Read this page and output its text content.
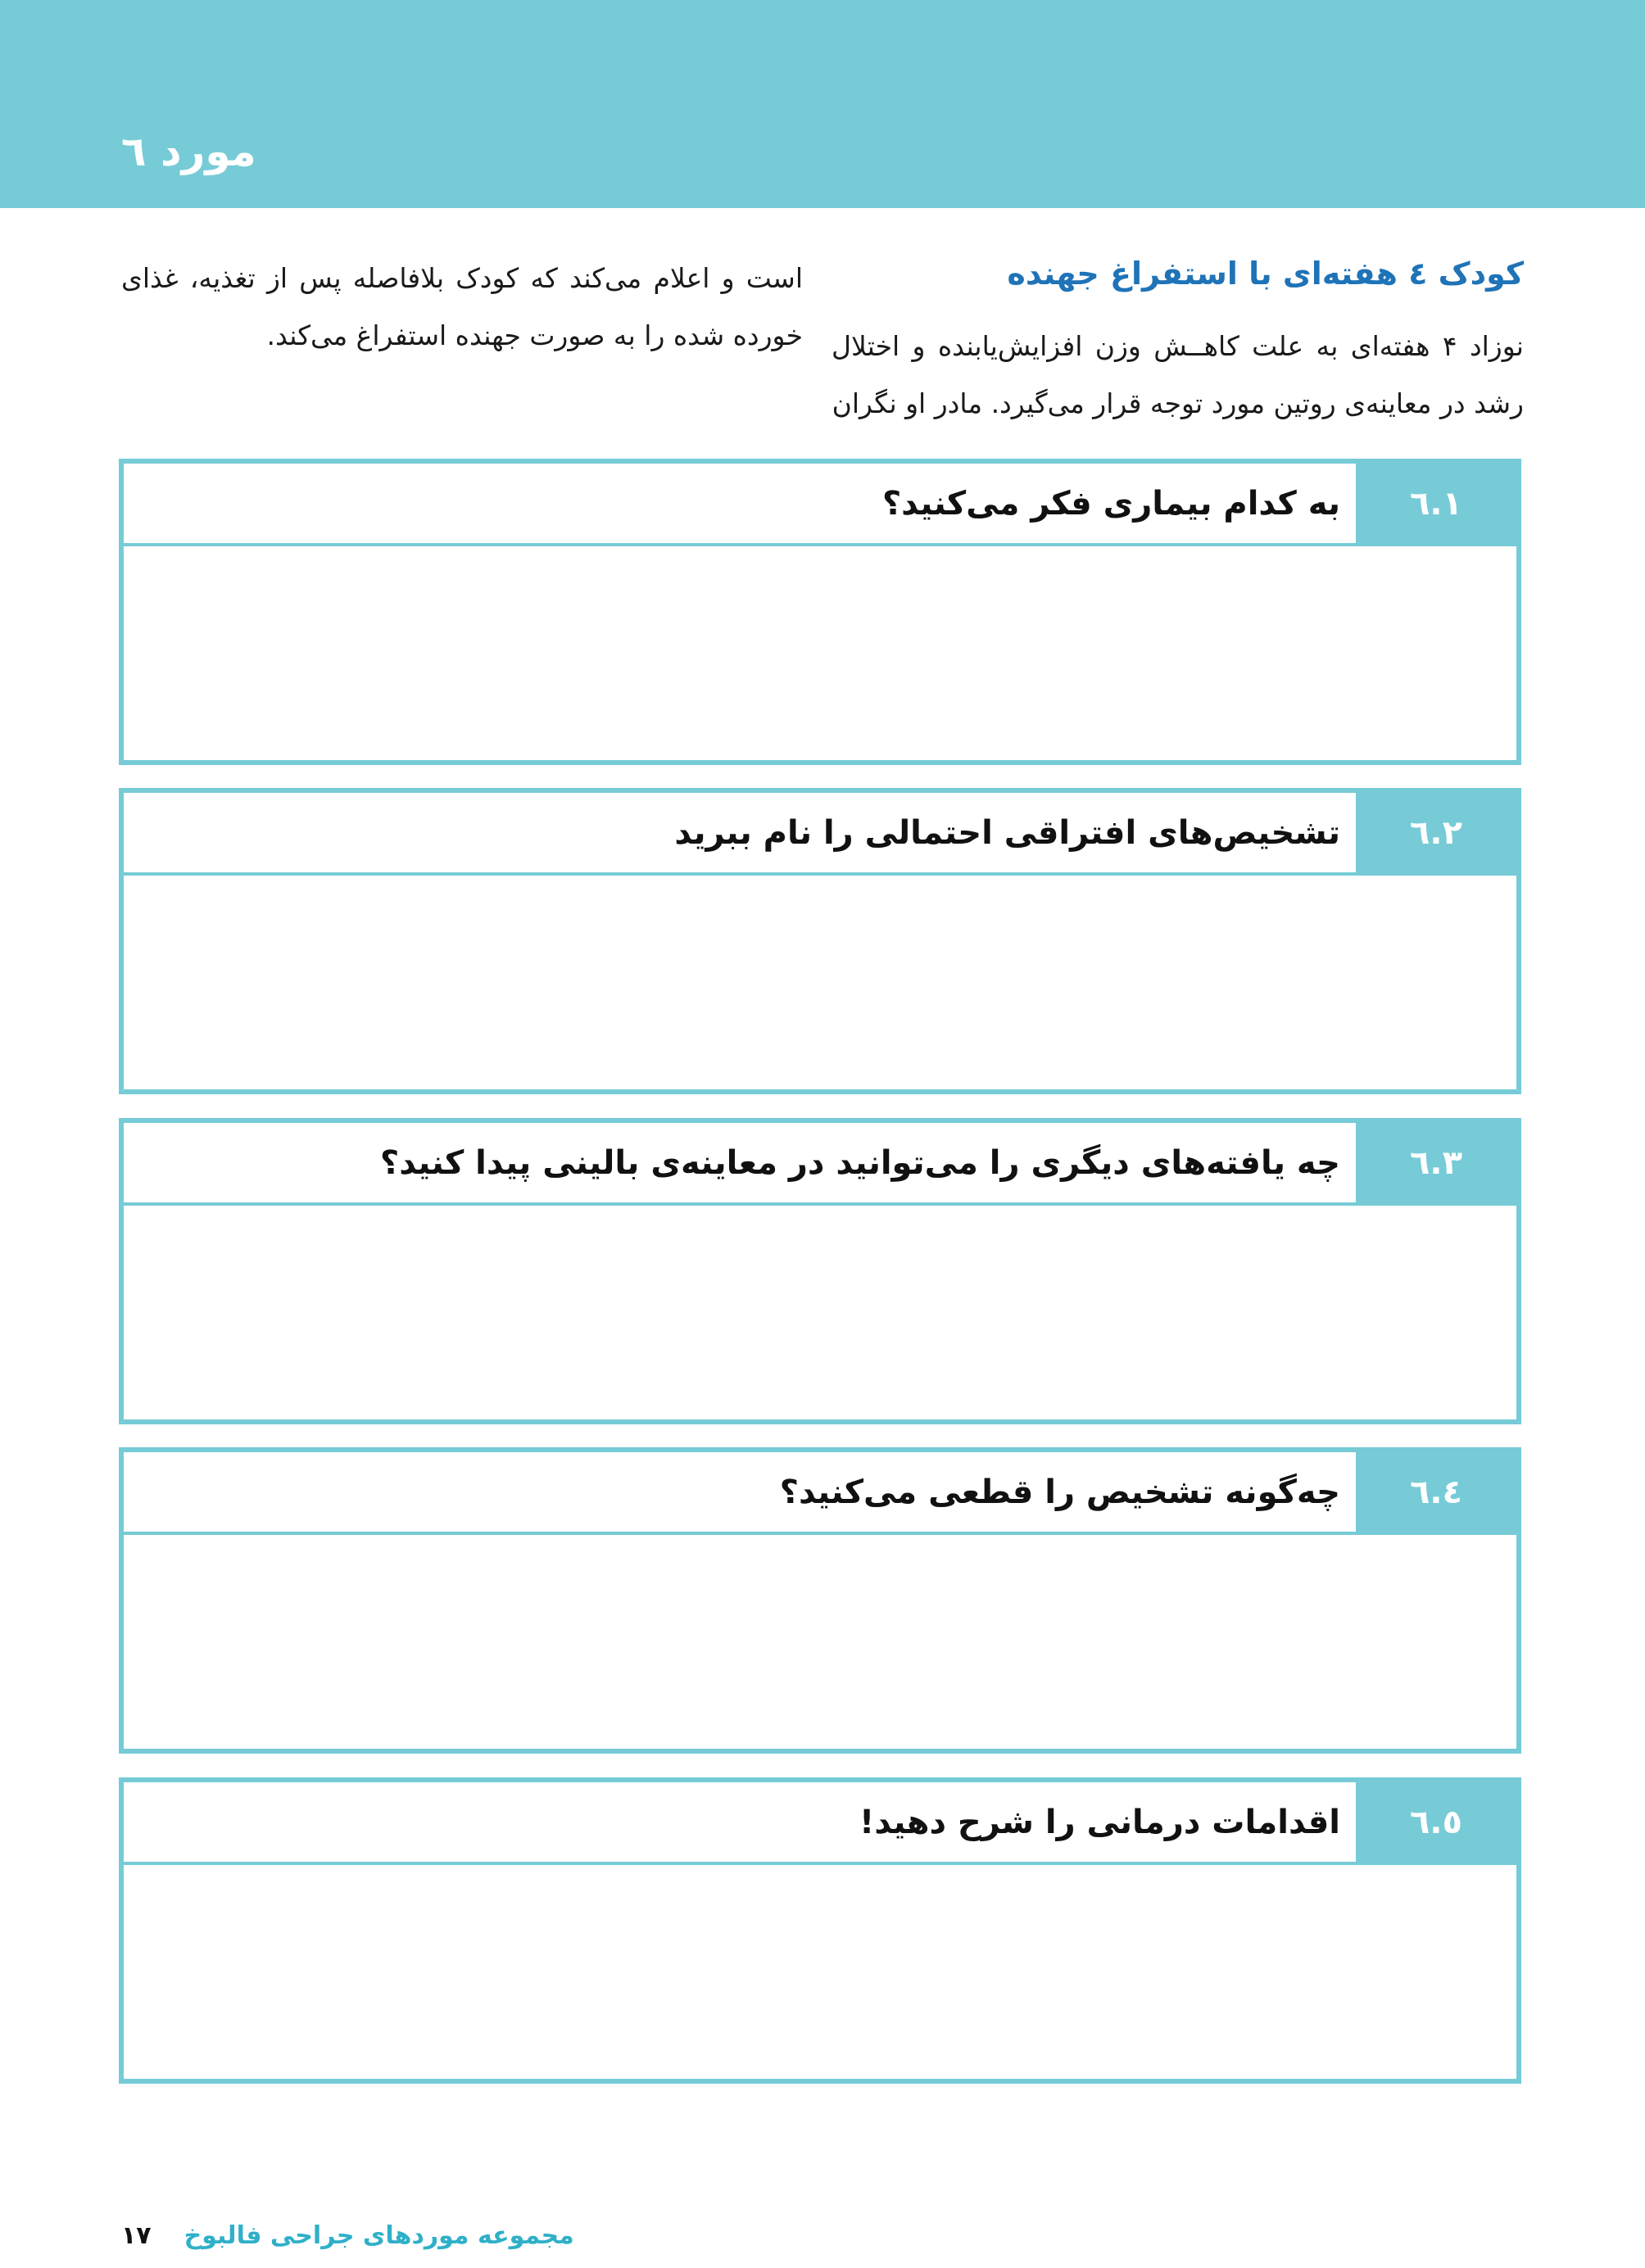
مورد ٦
کودک ٤ هفته‌ای با استفراغ جهنده

نوزاد ۴ هفته‌ای به علت کاهــش وزن افزایش‌یابنده و اختلال رشد در معاینه‌ی روتین مورد توجه قرار می‌گیرد. مادر او نگران

است و اعلام می‌کند که کودک بلافاصله پس از تغذیه، غذای خورده شده را به صورت جهنده استفراغ می‌کند.

٦.١
به کدام بیماری فکر می‌کنید؟
٦.٢
تشخیص‌های افتراقی احتمالی را نام ببرید
٦.٣
چه یافته‌های دیگری را می‌توانید در معاینه‌ی بالینی پیدا کنید؟
٦.٤
چه‌گونه تشخیص را قطعی می‌کنید؟
٦.٥
اقدامات درمانی را شرح دهید!
۱۷ مجموعه موردهای جراحی فالبوخ
